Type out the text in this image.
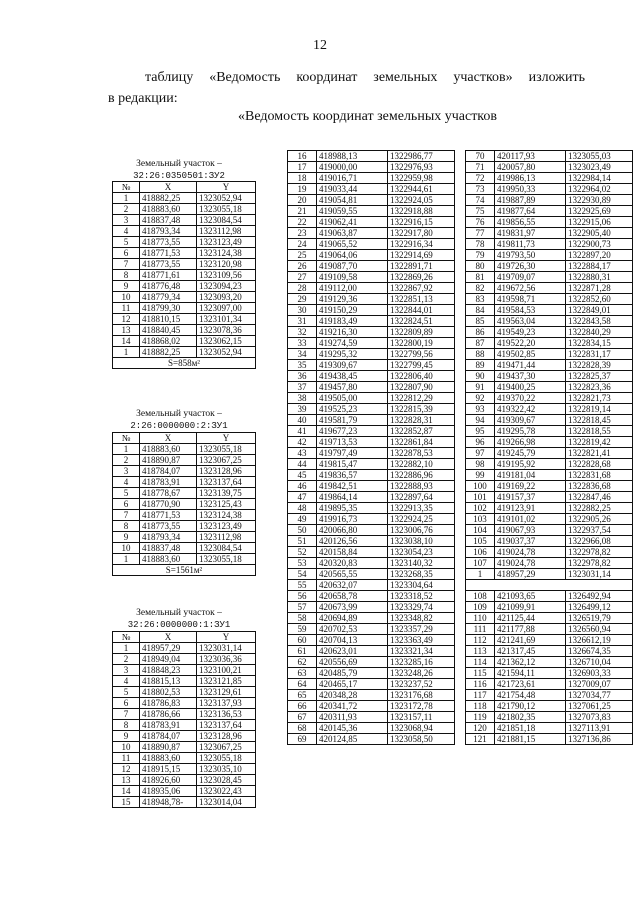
12
таблицу «Ведомость координат земельных участков» изложить
в редакции:
«Ведомость координат земельных участков
Земельный участок –
32:26:0350501:ЗУ2
№	X	Y
1	418882,25	1323052,94
2	418883,60	1323055,18
3	418837,48	1323084,54
4	418793,34	1323112,98
5	418773,55	1323123,49
6	418771,53	1323124,38
7	418773,55	1323120,98
8	418771,61	1323109,56
9	418776,48	1323094,23
10	418779,34	1323093,20
11	418799,30	1323097,00
12	418810,15	1323101,34
13	418840,45	1323078,36
14	418868,02	1323062,15
1	418882,25	1323052,94
S=858м²		
Земельный участок –
2:26:0000000:2:ЗУ1
№	X	Y
1	418883,60	1323055,18
2	418890,87	1323067,25
3	418784,07	1323128,96
4	418783,91	1323137,64
5	418778,67	1323139,75
6	418770,90	1323125,43
7	418771,53	1323124,38
8	418773,55	1323123,49
9	418793,34	1323112,98
10	418837,48	1323084,54
1	418883,60	1323055,18
S=1561м²		
Земельный участок –
32:26:0000000:1:ЗУ1
№	X	Y
1	418957,29	1323031,14
2	418949,04	1323036,36
3	418848,23	1323100,21
4	418815,13	1323121,85
5	418802,53	1323129,61
6	418786,83	1323137,93
7	418786,66	1323136,53
8	418783,91	1323137,64
9	418784,07	1323128,96
10	418890,87	1323067,25
11	418883,60	1323055,18
12	418915,15	1323035,10
13	418926,60	1323028,45
14	418935,06	1323022,43
15	418948,78-	1323014,04
16	418988,13	1322986,77
17	419000,00	1322976,93
18	419016,71	1322959,98
19	419033,44	1322944,61
20	419054,81	1322924,05
21	419059,55	1322918,88
22	419062,41	1322916,15
23	419063,87	1322917,80
24	419065,52	1322916,34
25	419064,06	1322914,69
26	419087,70	1322891,71
27	419109,58	1322869,26
28	419112,00	1322867,92
29	419129,36	1322851,13
30	419150,29	1322844,01
31	419183,49	1322824,51
32	419216,30	1322809,89
33	419274,59	1322800,19
34	419295,32	1322799,56
35	419309,67	1322799,45
36	419438,45	1322806,40
37	419457,80	1322807,90
38	419505,00	1322812,29
39	419525,23	1322815,39
40	419581,79	1322828,31
41	419677,23	1322852,87
42	419713,53	1322861,84
43	419797,49	1322878,53
44	419815,47	1322882,10
45	419836,57	1322886,96
46	419842,51	1322888,93
47	419864,14	1322897,64
48	419895,35	1322913,35
49	419916,73	1322924,25
50	420066,80	1323006,76
51	420126,56	1323038,10
52	420158,84	1323054,23
53	420320,83	1323140,32
54	420565,55	1323268,35
55	420632,07	1323304,64
56	420658,78	1323318,52
57	420673,99	1323329,74
58	420694,89	1323348,82
59	420702,53	1323357,29
60	420704,13	1323363,49
61	420623,01	1323321,34
62	420556,69	1323285,16
63	420485,79	1323248,26
64	420465,17	1323237,52
65	420348,28	1323176,68
66	420341,72	1323172,78
67	420311,93	1323157,11
68	420145,36	1323068,94
69	420124,85	1323058,50
70	420117,93	1323055,03
71	420057,80	1323023,49
72	419986,13	1322984,14
73	419950,33	1322964,02
74	419887,89	1322930,89
75	419877,64	1322925,69
76	419856,55	1322915,06
77	419831,97	1322905,40
78	419811,73	1322900,73
79	419793,50	1322897,20
80	419726,30	1322884,17
81	419709,07	1322880,31
82	419672,56	1322871,28
83	419598,71	1322852,60
84	419584,53	1322849,01
85	419563,04	1322843,58
86	419549,23	1322840,29
87	419522,20	1322834,15
88	419502,85	1322831,17
89	419471,44	1322828,39
90	419437,30	1322825,37
91	419400,25	1322823,36
92	419370,22	1322821,73
93	419322,42	1322819,14
94	419309,67	1322818,45
95	419295,78	1322818,55
96	419266,98	1322819,42
97	419245,79	1322821,41
98	419195,92	1322828,68
99	419181,04	1322831,68
100	419169,22	1322836,68
101	419157,37	1322847,46
102	419123,91	1322882,25
103	419101,02	1322905,26
104	419067,93	1322937,54
105	419037,37	1322966,08
106	419024,78	1322978,82
107	419024,78	1322978,82
1	418957,29	1323031,14

108	421093,65	1326492,94
109	421099,91	1326499,12
110	421125,44	1326519,79
111	421177,88	1326560,94
112	421241,69	1326612,19
113	421317,45	1326674,35
114	421362,12	1326710,04
115	421594,11	1326903,33
116	421723,61	1327009,07
117	421754,48	1327034,77
118	421790,12	1327061,25
119	421802,35	1327073,83
120	421851,18	1327113,91
121	421881,15	1327136,86
